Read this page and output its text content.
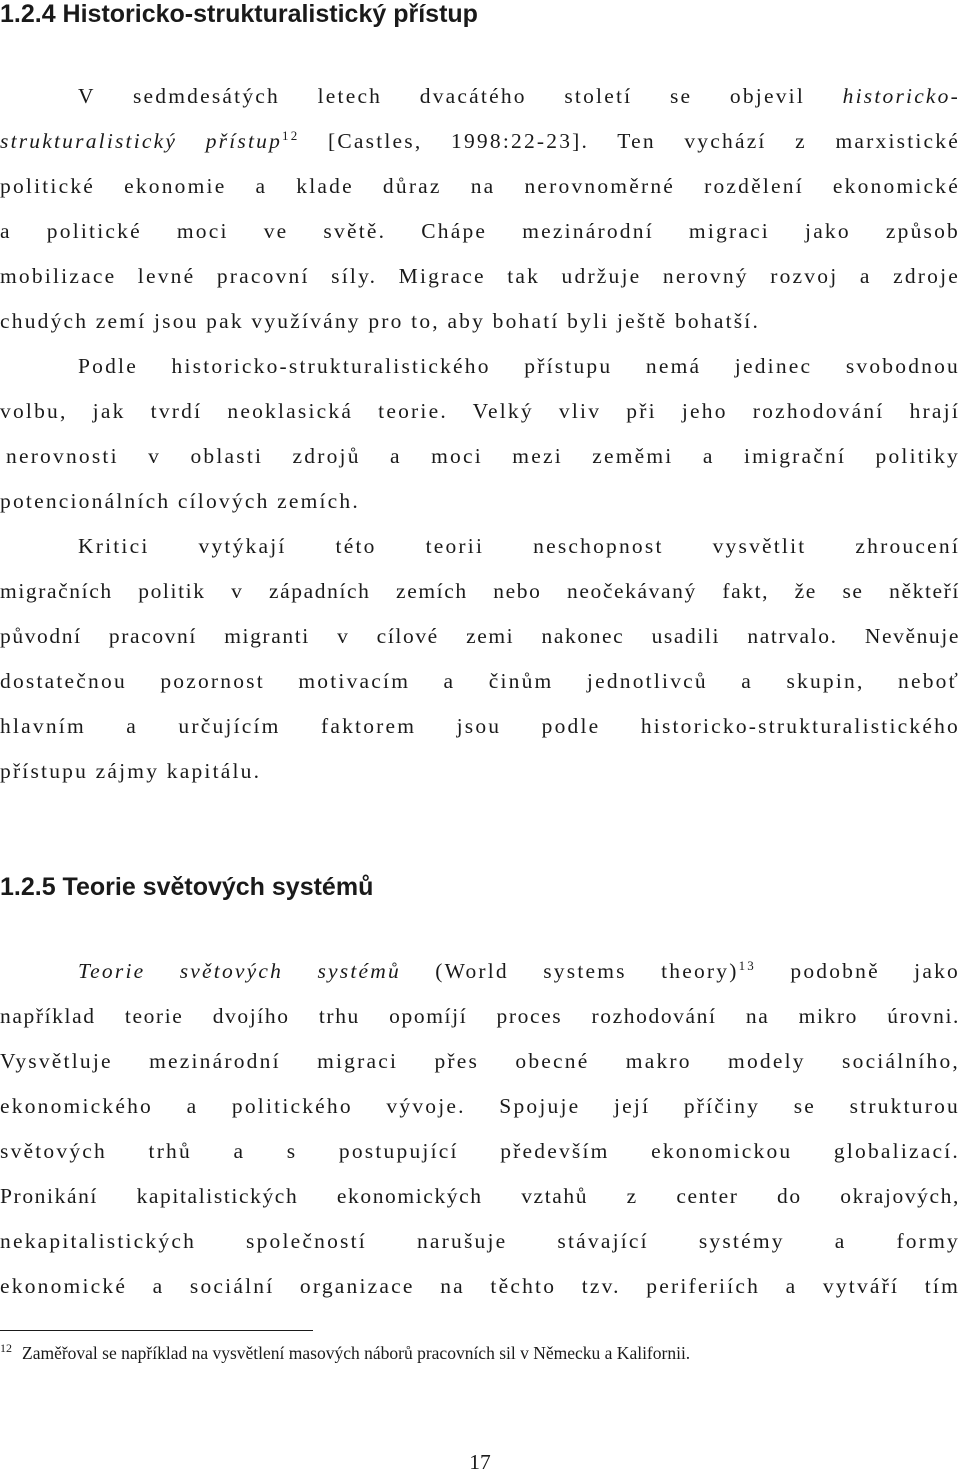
1.2.4 Historicko-strukturalistický přístup
V sedmdesátých letech dvacátého století se objevil historicko-
strukturalistický přístup$^{12}$ [Castles, 1998:22-23]. Ten vychází z marxistické
politické ekonomie a klade důraz na nerovnoměrné rozdělení ekonomické
a politické moci ve světě. Chápe mezinárodní migraci jako způsob
mobilizace levné pracovní síly. Migrace tak udržuje nerovný rozvoj a zdroje
chudých zemí jsou pak využívány pro to, aby bohatí byli ještě bohatší.
Podle historicko-strukturalistického přístupu nemá jedinec svobodnou
volbu, jak tvrdí neoklasická teorie. Velký vliv při jeho rozhodování hrají
nerovnosti v oblasti zdrojů a moci mezi zeměmi a imigrační politiky
potencionálních cílových zemích.
Kritici vytýkají této teorii neschopnost vysvětlit zhroucení
migračních politik v západních zemích nebo neočekávaný fakt, že se někteří
původní pracovní migranti v cílové zemi nakonec usadili natrvalo. Nevěnuje
dostatečnou pozornost motivacím a činům jednotlivců a skupin, neboť
hlavním a určujícím faktorem jsou podle historicko-strukturalistického
přístupu zájmy kapitálu.
1.2.5 Teorie světových systémů
Teorie světových systémů (World systems theory)$^{13}$ podobně jako
například teorie dvojího trhu opomíjí proces rozhodování na mikro úrovni.
Vysvětluje mezinárodní migraci přes obecné makro modely sociálního,
ekonomického a politického vývoje. Spojuje její příčiny se strukturou
světových trhů a s postupující především ekonomickou globalizací.
Pronikání kapitalistických ekonomických vztahů z center do okrajových,
nekapitalistických společností narušuje stávající systémy a formy
ekonomické a sociální organizace na těchto tzv. periferiích a vytváří tím
$^{12}$ Zaměřoval se například na vysvětlení masových náborů pracovních sil v Německu a Kalifornii.
17
